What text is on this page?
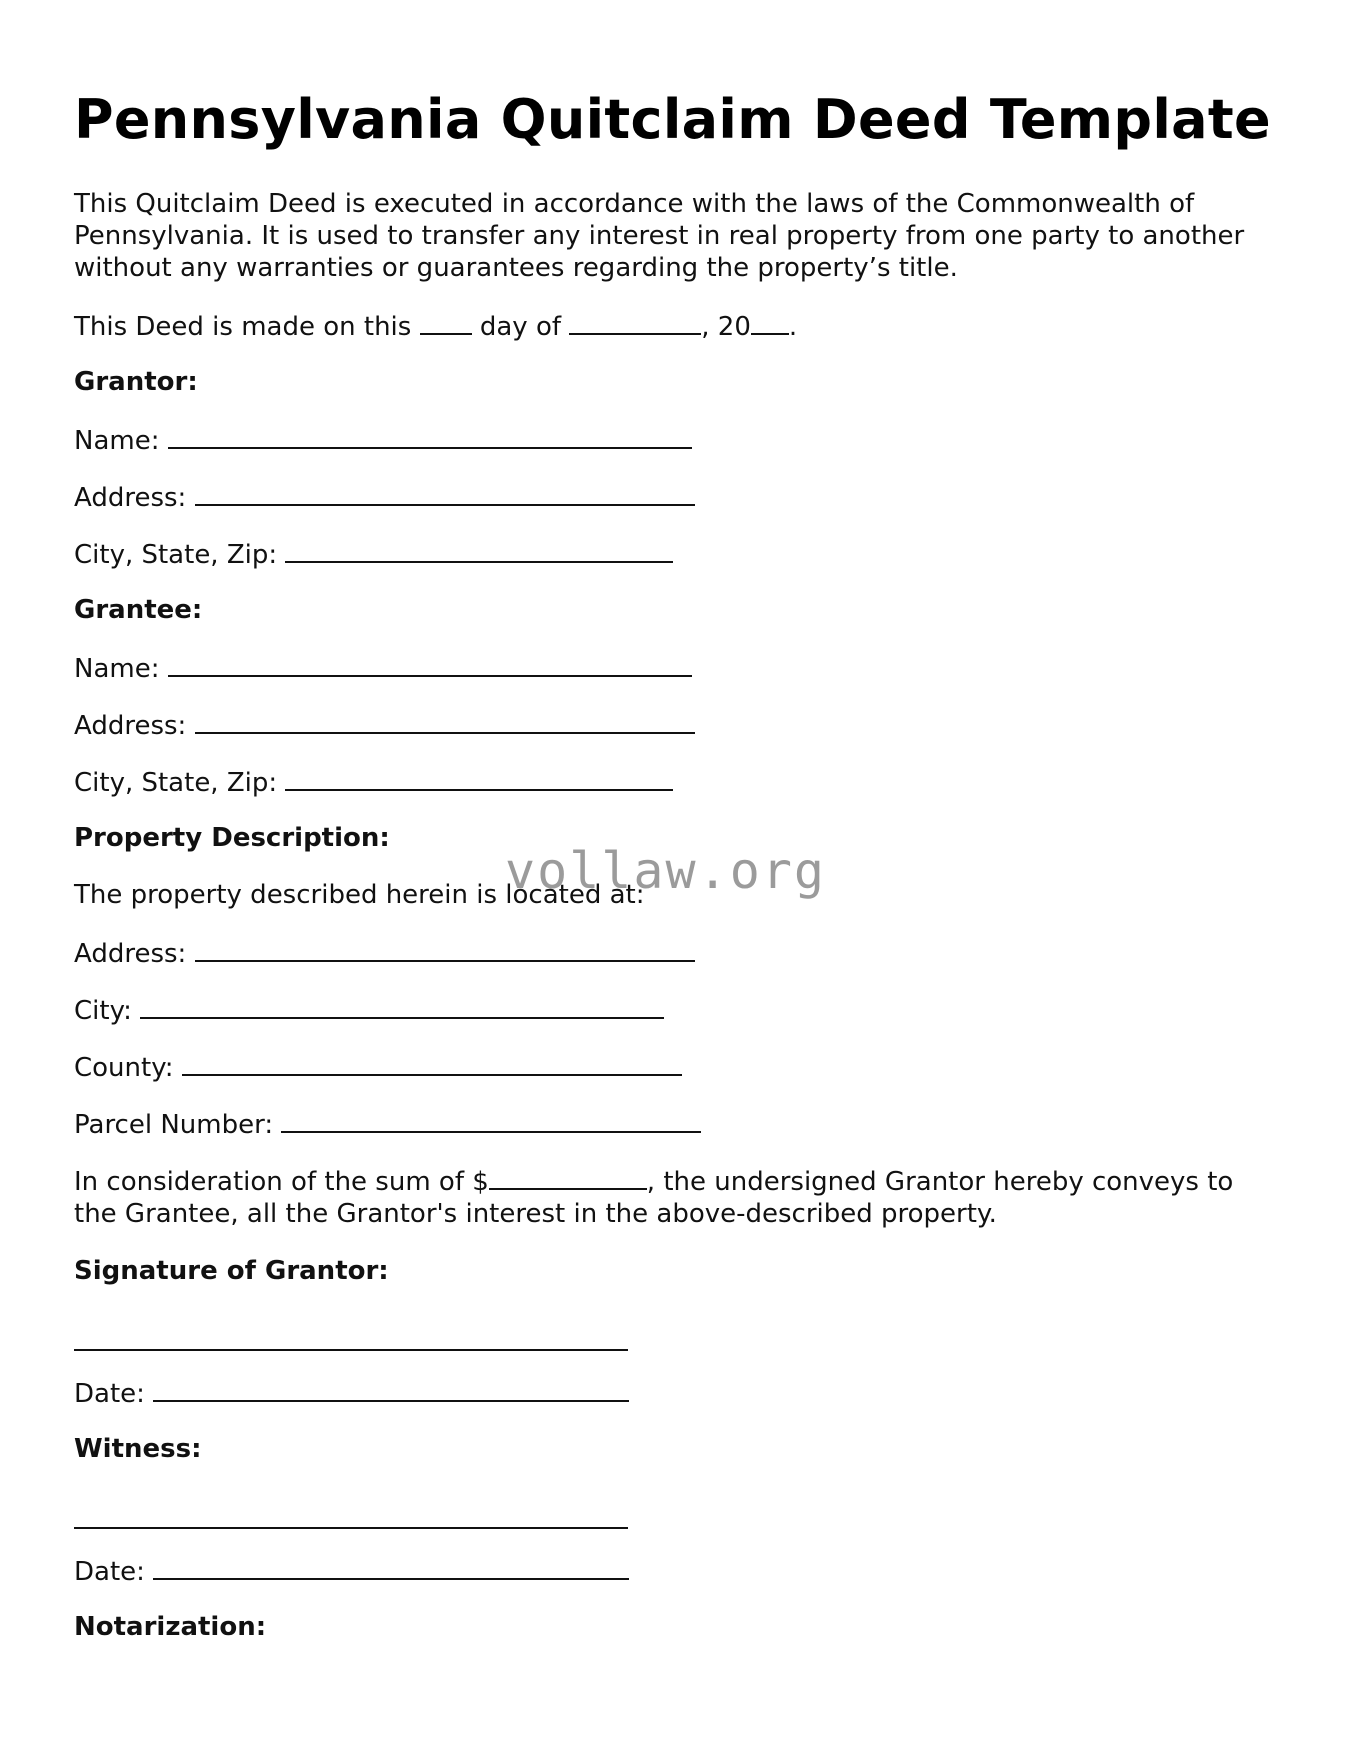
Pennsylvania Quitclaim Deed Template

This Quitclaim Deed is executed in accordance with the laws of the Commonwealth of Pennsylvania. It is used to transfer any interest in real property from one party to another without any warranties or guarantees regarding the property’s title.

This Deed is made on this	day of	, 20 .
Grantor:
Name:
Address:
City, State, Zip:
Grantee:
Name:
Address:
City, State, Zip:
Property Description:
The property described herein is located at:
Address:
City:
County:
Parcel Number:

In consideration of the sum of $	, the undersigned Grantor hereby conveys to the Grantee, all the Grantor's interest in the above-described property.

Signature of Grantor:
Date:
Witness:
Date:
Notarization:
vollaw.org
